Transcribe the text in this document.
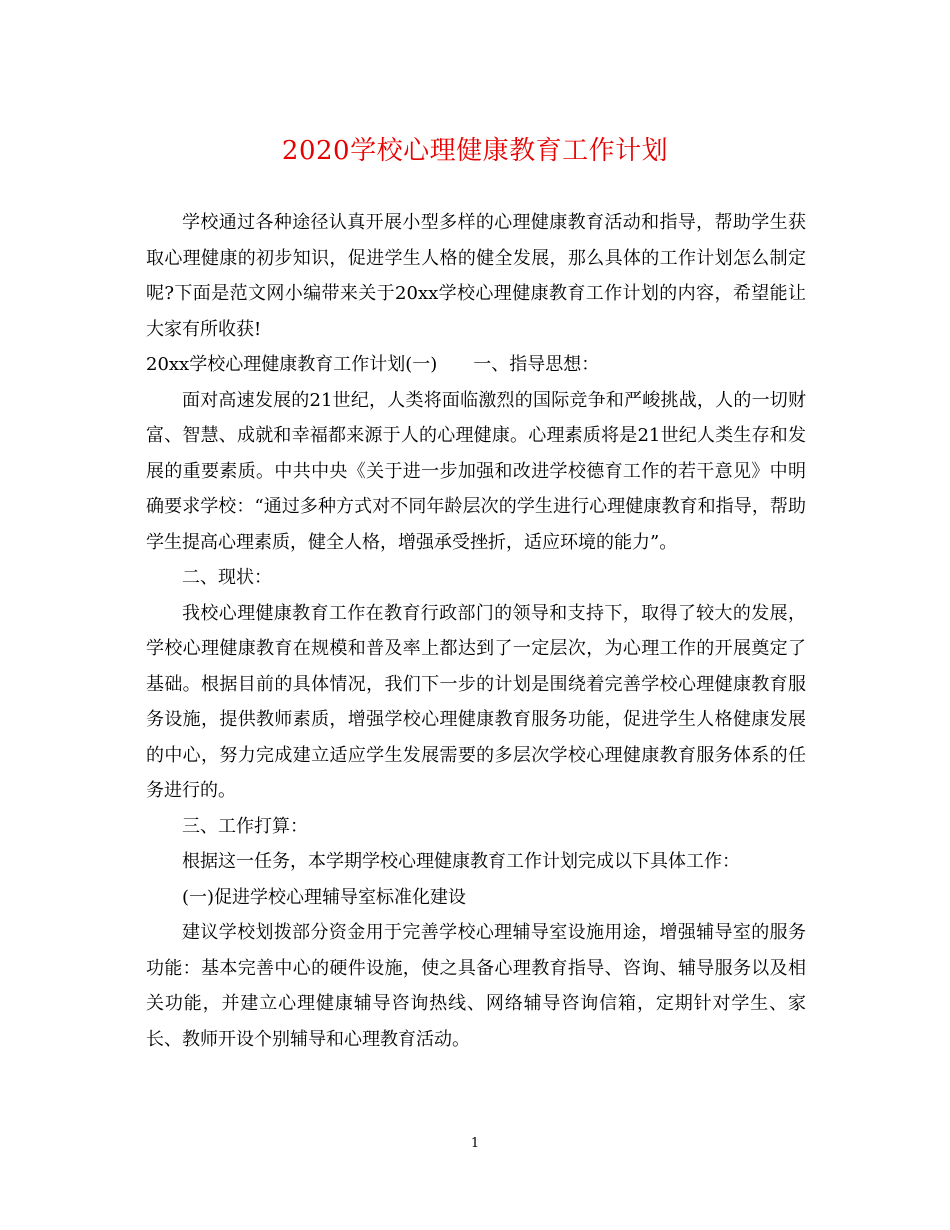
2020学校心理健康教育工作计划

学校通过各种途径认真开展小型多样的心理健康教育活动和指导，帮助学生获取心理健康的初步知识，促进学生人格的健全发展，那么具体的工作计划怎么制定呢?下面是范文网小编带来关于20xx学校心理健康教育工作计划的内容，希望能让大家有所收获!

20xx学校心理健康教育工作计划(一)　　一、指导思想：

面对高速发展的21世纪，人类将面临激烈的国际竞争和严峻挑战，人的一切财富、智慧、成就和幸福都来源于人的心理健康。心理素质将是21世纪人类生存和发展的重要素质。中共中央《关于进一步加强和改进学校德育工作的若干意见》中明确要求学校：“通过多种方式对不同年龄层次的学生进行心理健康教育和指导，帮助学生提高心理素质，健全人格，增强承受挫折，适应环境的能力”。

二、现状：

我校心理健康教育工作在教育行政部门的领导和支持下，取得了较大的发展，学校心理健康教育在规模和普及率上都达到了一定层次，为心理工作的开展奠定了基础。根据目前的具体情况，我们下一步的计划是围绕着完善学校心理健康教育服务设施，提供教师素质，增强学校心理健康教育服务功能，促进学生人格健康发展的中心，努力完成建立适应学生发展需要的多层次学校心理健康教育服务体系的任务进行的。

三、工作打算：

根据这一任务，本学期学校心理健康教育工作计划完成以下具体工作：

(一)促进学校心理辅导室标准化建设

建议学校划拨部分资金用于完善学校心理辅导室设施用途，增强辅导室的服务功能：基本完善中心的硬件设施，使之具备心理教育指导、咨询、辅导服务以及相关功能，并建立心理健康辅导咨询热线、网络辅导咨询信箱，定期针对学生、家长、教师开设个别辅导和心理教育活动。

1
